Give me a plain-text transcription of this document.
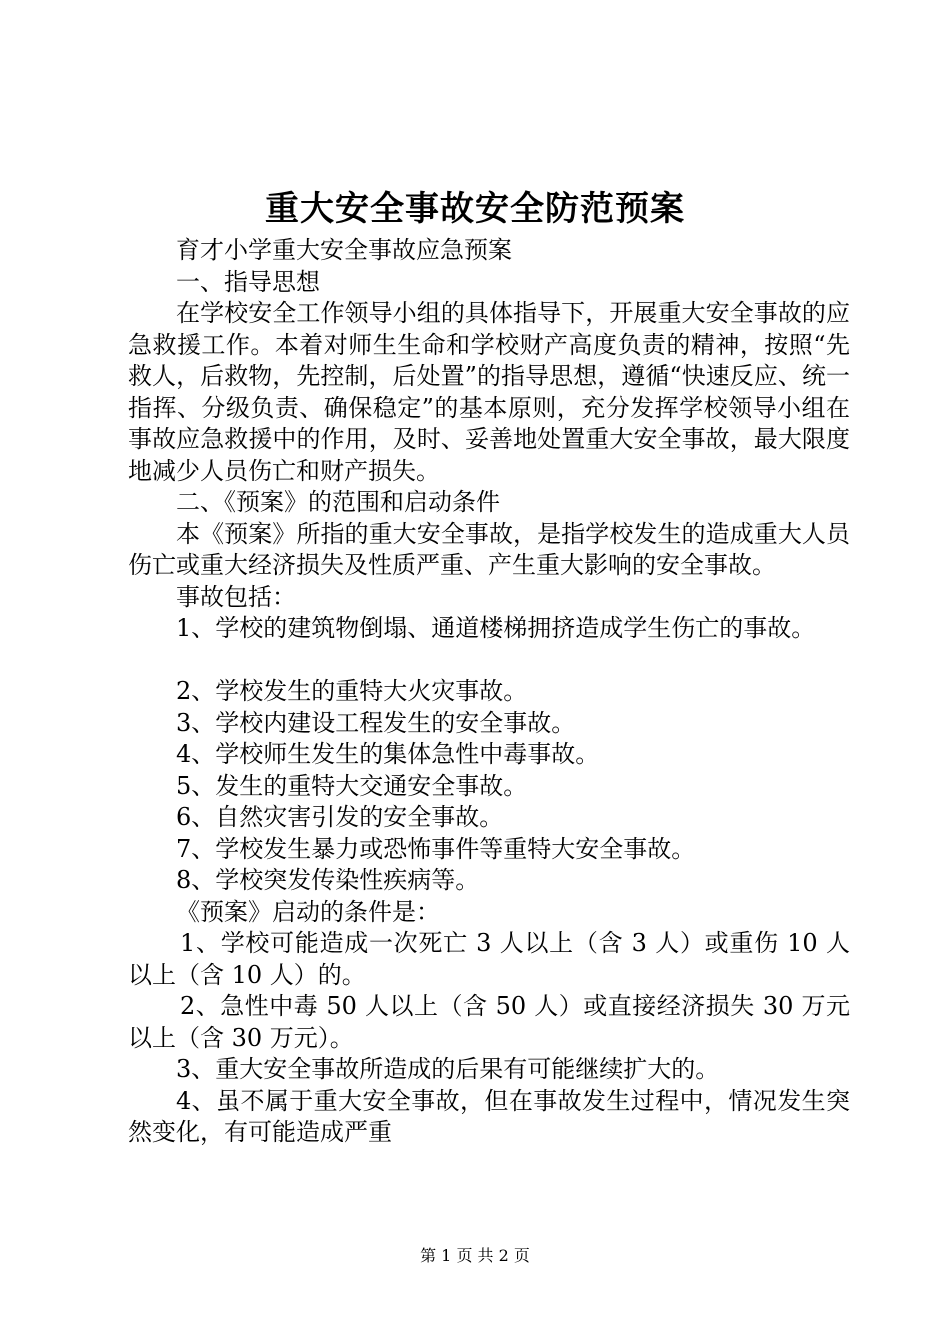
重大安全事故安全防范预案

育才小学重大安全事故应急预案

一、指导思想

在学校安全工作领导小组的具体指导下，开展重大安全事故的应急救援工作。本着对师生生命和学校财产高度负责的精神，按照“先救人，后救物，先控制，后处置”的指导思想，遵循“快速反应、统一指挥、分级负责、确保稳定”的基本原则，充分发挥学校领导小组在事故应急救援中的作用，及时、妥善地处置重大安全事故，最大限度地减少人员伤亡和财产损失。

二、《预案》的范围和启动条件

本《预案》所指的重大安全事故，是指学校发生的造成重大人员伤亡或重大经济损失及性质严重、产生重大影响的安全事故。

事故包括：

1、学校的建筑物倒塌、通道楼梯拥挤造成学生伤亡的事故。

2、学校发生的重特大火灾事故。

3、学校内建设工程发生的安全事故。

4、学校师生发生的集体急性中毒事故。

5、发生的重特大交通安全事故。

6、自然灾害引发的安全事故。

7、学校发生暴力或恐怖事件等重特大安全事故。

8、学校突发传染性疾病等。

《预案》启动的条件是：

1、学校可能造成一次死亡 3 人以上（含 3 人）或重伤 10 人以上（含 10 人）的。

2、急性中毒 50 人以上（含 50 人）或直接经济损失 30 万元以上（含 30 万元）。

3、重大安全事故所造成的后果有可能继续扩大的。

4、虽不属于重大安全事故，但在事故发生过程中，情况发生突然变化，有可能造成严重

第 1 页 共 2 页
